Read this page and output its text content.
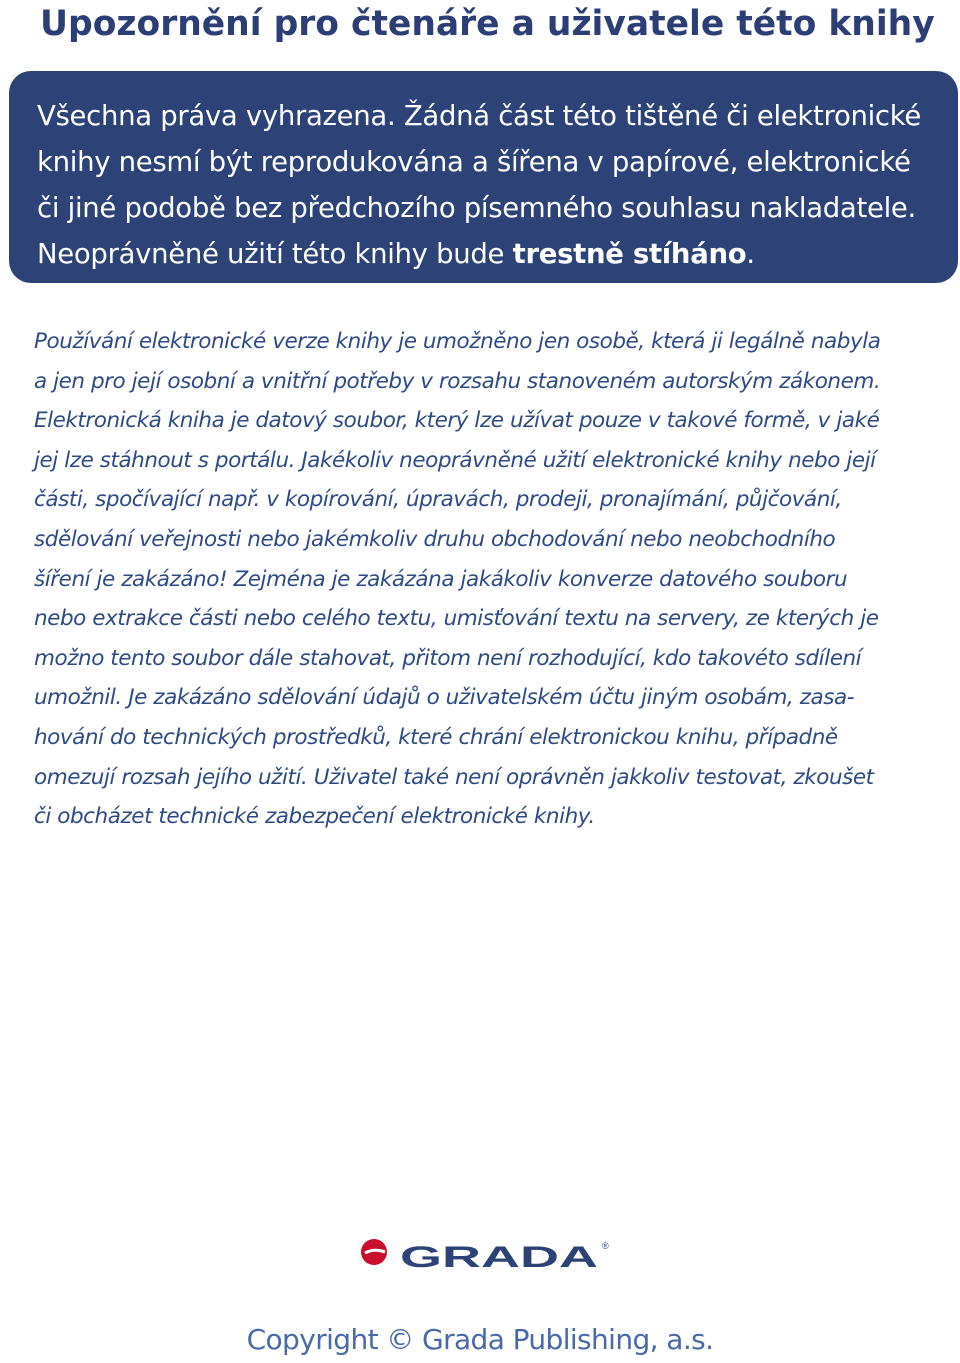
Upozornění pro čtenáře a uživatele této knihy
Všechna práva vyhrazena. Žádná část této tištěné či elektronické
knihy nesmí být reprodukována a šířena v papírové, elektronické
či jiné podobě bez předchozího písemného souhlasu nakladatele.
Neoprávněné užití této knihy bude trestně stíháno.
Používání elektronické verze knihy je umožněno jen osobě, která ji legálně nabyla
a jen pro její osobní a vnitřní potřeby v rozsahu stanoveném autorským zákonem.
Elektronická kniha je datový soubor, který lze užívat pouze v takové formě, v jaké
jej lze stáhnout s portálu. Jakékoliv neoprávněné užití elektronické knihy nebo její
části, spočívající např. v kopírování, úpravách, prodeji, pronajímání, půjčování,
sdělování veřejnosti nebo jakémkoliv druhu obchodování nebo neobchodního
šíření je zakázáno! Zejména je zakázána jakákoliv konverze datového souboru
nebo extrakce části nebo celého textu, umisťování textu na servery, ze kterých je
možno tento soubor dále stahovat, přitom není rozhodující, kdo takovéto sdílení
umožnil. Je zakázáno sdělování údajů o uživatelském účtu jiným osobám, zasa-
hování do technických prostředků, které chrání elektronickou knihu, případně
omezují rozsah jejího užití. Uživatel také není oprávněn jakkoliv testovat, zkoušet
či obcházet technické zabezpečení elektronické knihy.
GRADA ®
Copyright © Grada Publishing, a.s.
